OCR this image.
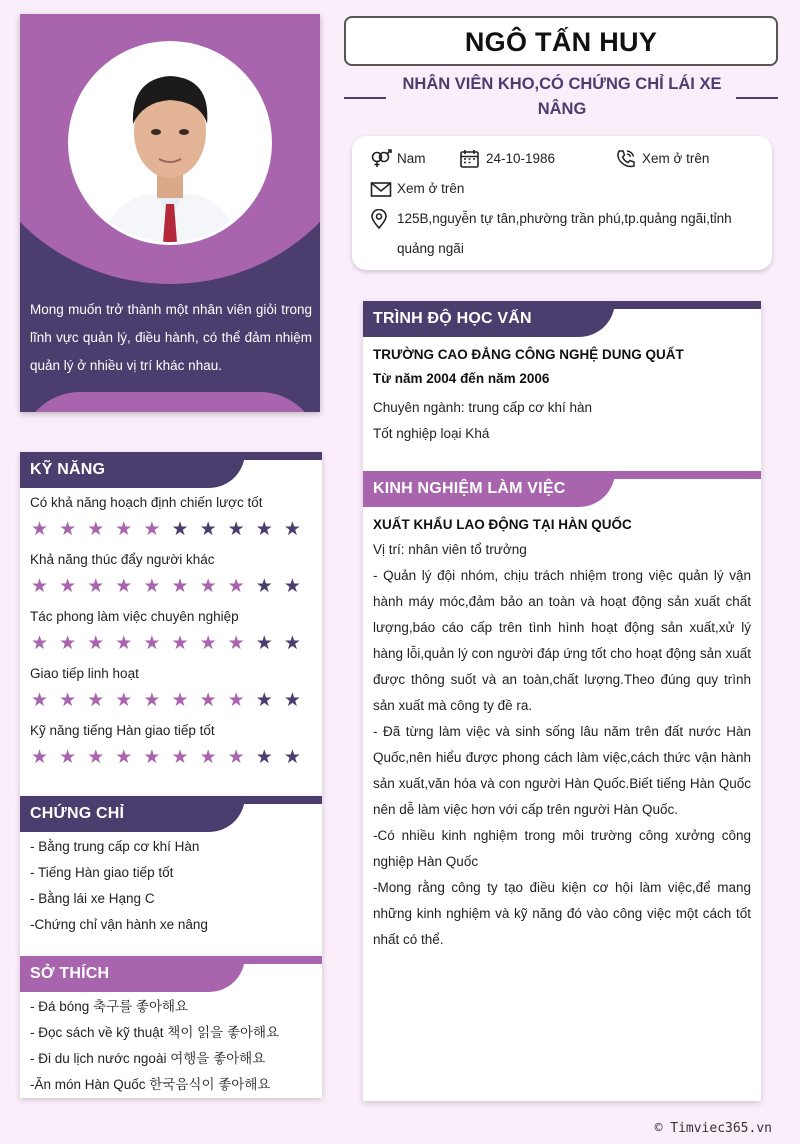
Mong muốn trở thành một nhân viên giỏi trong lĩnh vực quản lý, điều hành, có thể đảm nhiệm quản lý ở nhiều vị trí khác nhau.
KỸ NĂNG
Có khả năng hoạch định chiến lược tốt
★ ★ ★ ★ ★ ★ ★ ★ ★ ★
Khả năng thúc đẩy người khác
★ ★ ★ ★ ★ ★ ★ ★ ★ ★
Tác phong làm việc chuyên nghiệp
★ ★ ★ ★ ★ ★ ★ ★ ★ ★
Giao tiếp linh hoạt
★ ★ ★ ★ ★ ★ ★ ★ ★ ★
Kỹ năng tiếng Hàn giao tiếp tốt
★ ★ ★ ★ ★ ★ ★ ★ ★ ★
CHỨNG CHỈ
- Bằng trung cấp cơ khí Hàn
- Tiếng Hàn giao tiếp tốt
- Bằng lái xe Hạng C
-Chứng chỉ vận hành xe nâng
SỞ THÍCH
- Đá bóng 축구를 좋아해요
- Đọc sách về kỹ thuật 책이 읽을 좋아해요
- Đi du lịch nước ngoài 여행을 좋아해요
-Ăn món Hàn Quốc 한국음식이 좋아해요
NGÔ TẤN HUY
NHÂN VIÊN KHO,CÓ CHỨNG CHỈ LÁI XE NÂNG
Nam	24-10-1986	Xem ở trên
Xem ở trên
125B,nguyễn tự tân,phường trần phú,tp.quảng ngãi,tỉnh quảng ngãi
TRÌNH ĐỘ HỌC VẤN
TRƯỜNG CAO ĐẲNG CÔNG NGHỆ DUNG QUẤT
Từ năm 2004 đến năm 2006
Chuyên ngành: trung cấp cơ khí hàn
Tốt nghiệp loại Khá
KINH NGHIỆM LÀM VIỆC
XUẤT KHẨU LAO ĐỘNG TẠI HÀN QUỐC
Vị trí: nhân viên tổ trưởng

- Quản lý đội nhóm, chịu trách nhiệm trong việc quản lý vận hành máy móc,đảm bảo an toàn và hoạt động sản xuất chất lượng,báo cáo cấp trên tình hình hoạt động sản xuất,xử lý hàng lỗi,quản lý con người đáp ứng tốt cho hoạt động sản xuất được thông suốt và an toàn,chất lượng.Theo đúng quy trình sản xuất mà công ty đề ra.

- Đã từng làm việc và sinh sống lâu năm trên đất nước Hàn Quốc,nên hiểu được phong cách làm việc,cách thức vận hành sản xuất,văn hóa và con người Hàn Quốc.Biết tiếng Hàn Quốc nên dễ làm việc hơn với cấp trên người Hàn Quốc.

-Có nhiều kinh nghiệm trong môi trường công xưởng công nghiệp Hàn Quốc

-Mong rằng công ty tạo điều kiện cơ hội làm việc,để mang những kinh nghiệm và kỹ năng đó vào công việc một cách tốt nhất có thể.

© Timviec365.vn
